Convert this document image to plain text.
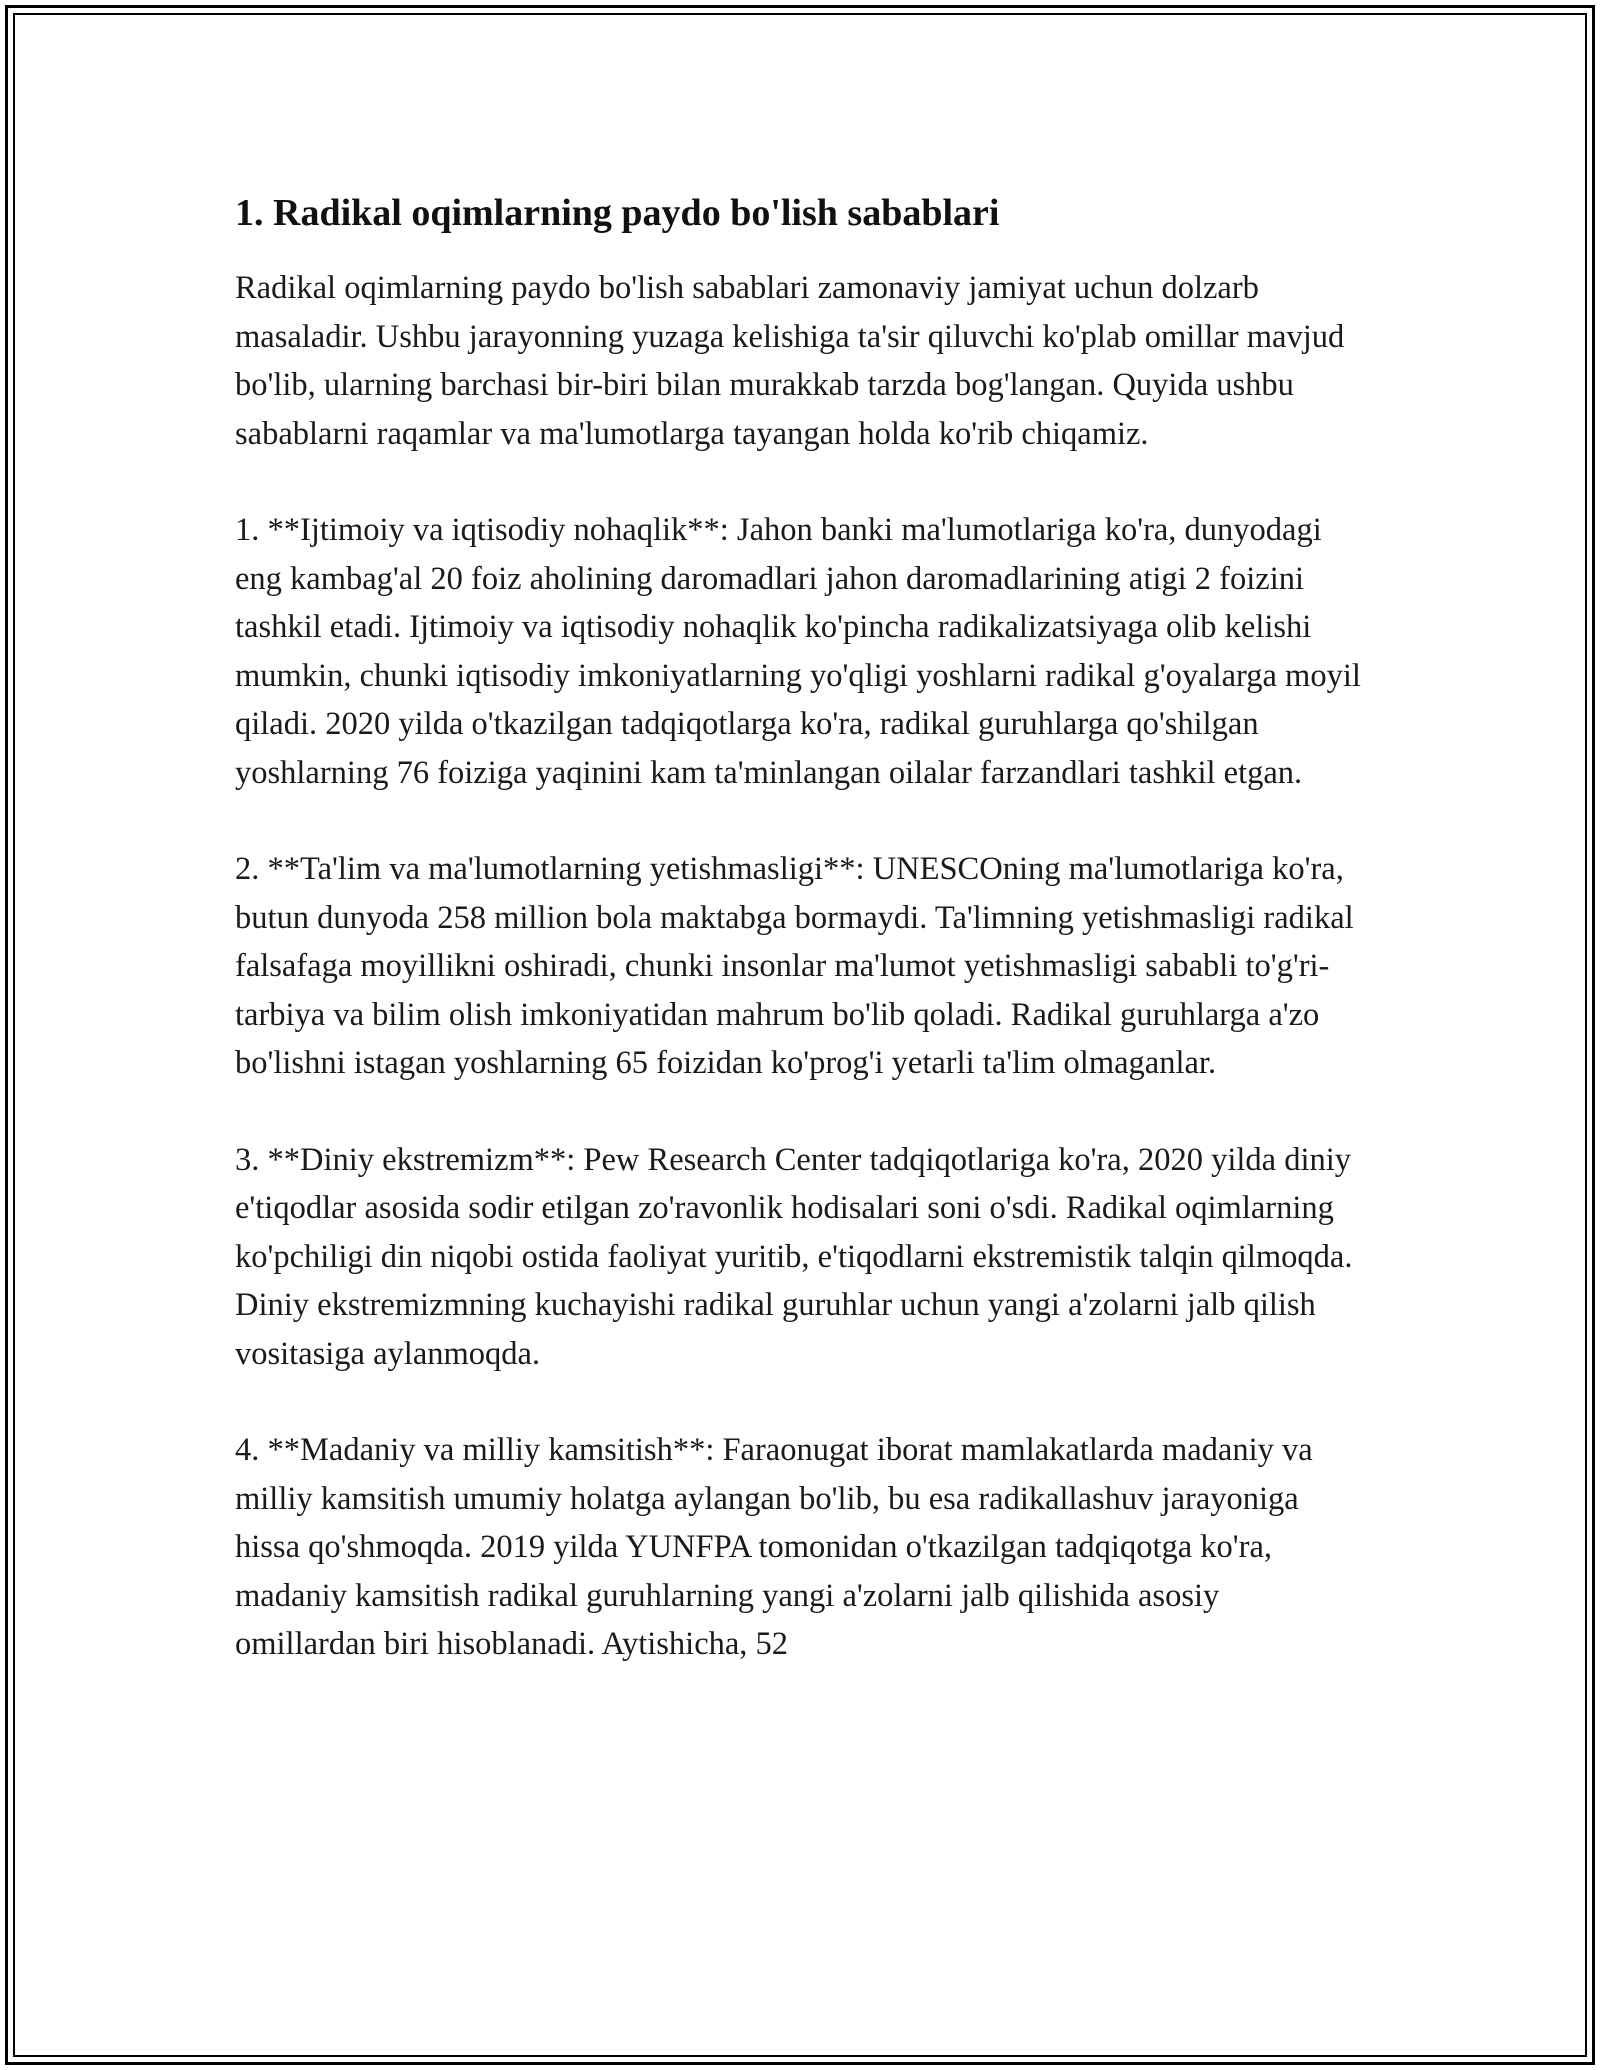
1. Radikal oqimlarning paydo bo'lish sabablari

Radikal oqimlarning paydo bo'lish sabablari zamonaviy jamiyat uchun dolzarb masaladir. Ushbu jarayonning yuzaga kelishiga ta'sir qiluvchi ko'plab omillar mavjud bo'lib, ularning barchasi bir-biri bilan murakkab tarzda bog'langan. Quyida ushbu sabablarni raqamlar va ma'lumotlarga tayangan holda ko'rib chiqamiz.

1. **Ijtimoiy va iqtisodiy nohaqlik**: Jahon banki ma'lumotlariga ko'ra, dunyodagi eng kambag'al 20 foiz aholining daromadlari jahon daromadlarining atigi 2 foizini tashkil etadi. Ijtimoiy va iqtisodiy nohaqlik ko'pincha radikalizatsiyaga olib kelishi mumkin, chunki iqtisodiy imkoniyatlarning yo'qligi yoshlarni radikal g'oyalarga moyil qiladi. 2020 yilda o'tkazilgan tadqiqotlarga ko'ra, radikal guruhlarga qo'shilgan yoshlarning 76 foiziga yaqinini kam ta'minlangan oilalar farzandlari tashkil etgan.

2. **Ta'lim va ma'lumotlarning yetishmasligi**: UNESCOning ma'lumotlariga ko'ra, butun dunyoda 258 million bola maktabga bormaydi. Ta'limning yetishmasligi radikal falsafaga moyillikni oshiradi, chunki insonlar ma'lumot yetishmasligi sababli to'g'ri-tarbiya va bilim olish imkoniyatidan mahrum bo'lib qoladi. Radikal guruhlarga a'zo bo'lishni istagan yoshlarning 65 foizidan ko'prog'i yetarli ta'lim olmaganlar.

3. **Diniy ekstremizm**: Pew Research Center tadqiqotlariga ko'ra, 2020 yilda diniy e'tiqodlar asosida sodir etilgan zo'ravonlik hodisalari soni o'sdi. Radikal oqimlarning ko'pchiligi din niqobi ostida faoliyat yuritib, e'tiqodlarni ekstremistik talqin qilmoqda. Diniy ekstremizmning kuchayishi radikal guruhlar uchun yangi a'zolarni jalb qilish vositasiga aylanmoqda.

4. **Madaniy va milliy kamsitish**: Faraonugat iborat mamlakatlarda madaniy va milliy kamsitish umumiy holatga aylangan bo'lib, bu esa radikallashuv jarayoniga hissa qo'shmoqda. 2019 yilda YUNFPA tomonidan o'tkazilgan tadqiqotga ko'ra, madaniy kamsitish radikal guruhlarning yangi a'zolarni jalb qilishida asosiy omillardan biri hisoblanadi. Aytishicha, 52
